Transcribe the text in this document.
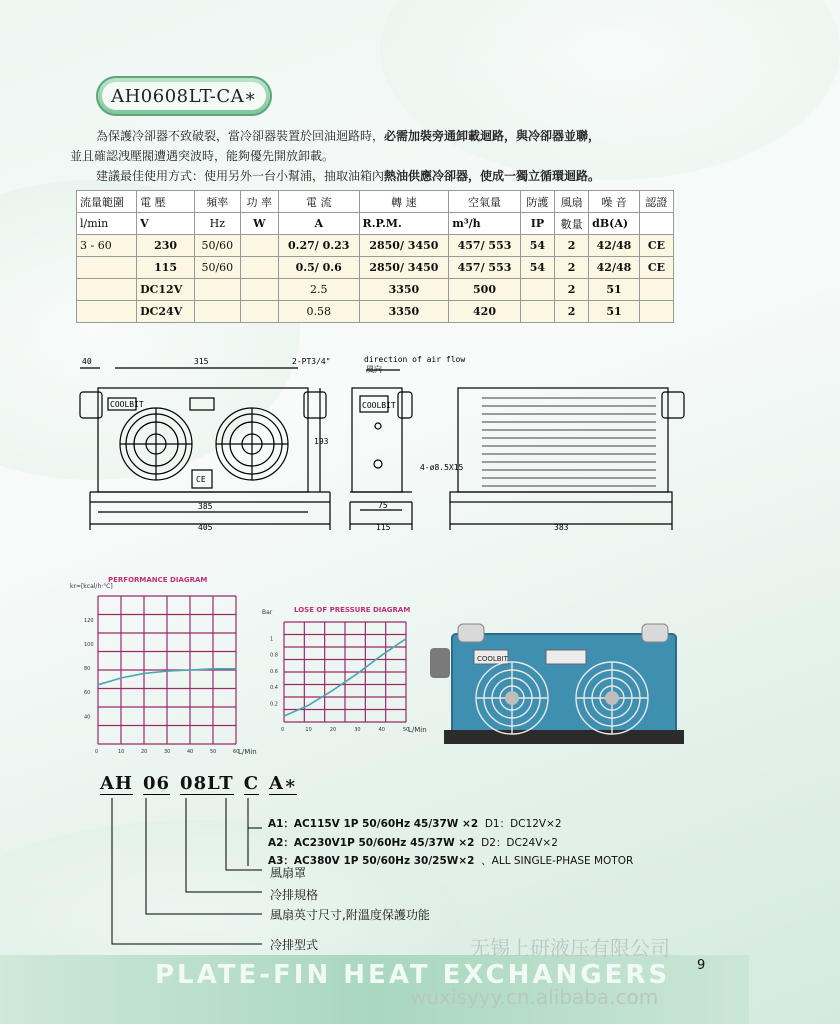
AH0608LT-CA∗
為保護冷卻器不致破裂，當冷卻器裝置於回油迴路時，必需加裝旁通卸載迴路，與冷卻器並聯，
並且確認洩壓閥遭遇突波時，能夠優先開放卸載。
建議最佳使用方式：使用另外一台小幫浦，抽取油箱內熱油供應冷卻器，使成一獨立循環迴路。
流量範圍	電 壓	頻率	功 率	電 流	轉 速	空氣量	防護	風扇	噪 音	認證
l/min	V	Hz	W	A	R.P.M.	m³/h	IP	數量	dB(A)	
3 - 60	230	50/60		0.27/ 0.23	2850/ 3450	457/ 553	54	2	42/48	CE
	115	50/60		0.5/ 0.6	2850/ 3450	457/ 553	54	2	42/48	CE
	DC12V			2.5	3350	500		2	51	
	DC24V			0.58	3350	420		2	51	
40	315	2-PT3/4"
193
385
405
direction of air flow
風向
4-ø8.5X15
75
115	383
COOLBIT	COOLBIT
CE
PERFORMANCE DIAGRAM
kr=[kcal/h·°C]
120
100
80
60
40
0	10	20	30	40	50	60
L/Min
LOSE OF PRESSURE DIAGRAM
Bar
1
0.8
0.6
0.4
0.2
0	10	20	30	40	50
L/Min
COOLBIT
AH 06 08LT C A∗
A1：AC115V 1P 50/60Hz 45/37W ×2 D1：DC12V×2
A2：AC230V1P 50/60Hz 45/37W ×2 D2：DC24V×2
A3：AC380V 1P 50/60Hz 30/25W×2 、ALL SINGLE-PHASE MOTOR
風扇罩
冷排規格
風扇英寸尺寸,附溫度保護功能
冷排型式
PLATE-FIN HEAT EXCHANGERS
无锡上研液压有限公司
wuxisyyy.cn.alibaba.com
9
